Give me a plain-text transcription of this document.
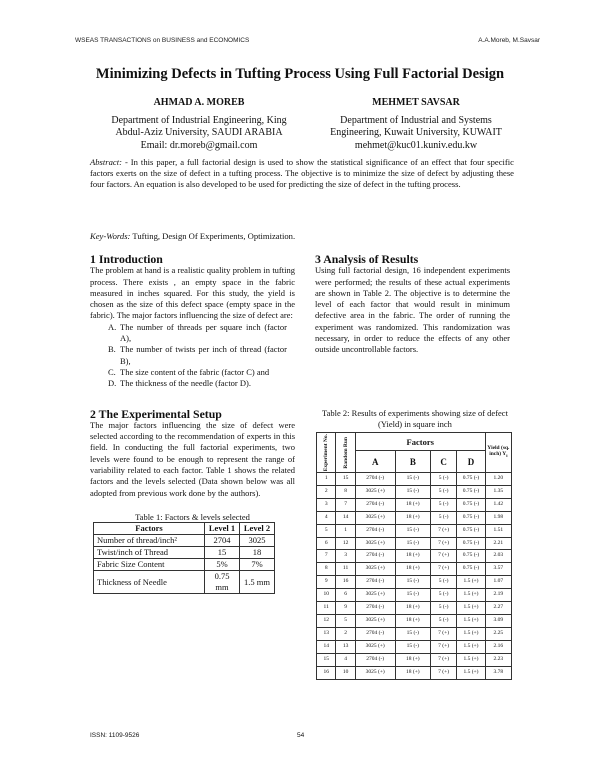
WSEAS TRANSACTIONS on BUSINESS and ECONOMICS	A.A.Moreb, M.Savsar
Minimizing Defects in Tufting Process Using Full Factorial Design
AHMAD A. MOREB
Department of Industrial Engineering, King
Abdul-Aziz University, SAUDI ARABIA
Email: dr.moreb@gmail.com
MEHMET SAVSAR
Department of Industrial and Systems
Engineering, Kuwait University, KUWAIT
mehmet@kuc01.kuniv.edu.kw
Abstract: - In this paper, a full factorial design is used to show the statistical significance of an effect that four specific factors exerts on the size of defect in a tufting process. The objective is to minimize the size of defect by adjusting these four factors. An equation is also developed to be used for predicting the size of defect in the tufting process.
Key-Words: Tufting, Design Of Experiments, Optimization.
1 Introduction

The problem at hand is a realistic quality problem in tufting process. There exists , an empty space in the fabric measured in inches squared. For this study, the yield is chosen as the size of this defect space (empty space in the fabric). The major factors influencing the size of defect are:

A. The number of threads per square inch (factor A),
B. The number of twists per inch of thread (factor B),
C. The size content of the fabric (factor C) and
D. The thickness of the needle (factor D).
2 The Experimental Setup

The major factors influencing the size of defect were selected according to the recommendation of experts in this field. In conducting the full factorial experiments, two levels were found to be enough to represent the range of variability related to each factor. Table 1 shows the related factors and the levels selected (Data shown below was all adopted from previous work done by the authors).

Table 1: Factors & levels selected
Factors	Level 1	Level 2
Number of thread/inch²	2704	3025
Twist/inch of Thread	15	18
Fabric Size Content	5%	7%
Thickness of Needle	0.75 mm	1.5 mm
3 Analysis of Results

Using full factorial design, 16 independent experiments were performed; the results of these actual experiments are shown in Table 2. The objective is to determine the level of each factor that would result in minimum defective area in the fabric. The order of running the experiment was randomized. This randomization was necessary, in order to reduce the effects of any other outside uncontrollable factors.

Table 2: Results of experiments showing size of defect (Yield) in square inch
Experiment No.	Random Run	Factors				Yield (sq. inch) $Y_i$
		A	B	C	D	
1	15	2704 (-)	15 (-)	5 (-)	0.75 (-)	1.20
2	8	3025 (+)	15 (-)	5 (-)	0.75 (-)	1.35
3	7	2704 (-)	18 (+)	5 (-)	0.75 (-)	1.42
4	14	3025 (+)	18 (+)	5 (-)	0.75 (-)	1.98
5	1	2704 (-)	15 (-)	7 (+)	0.75 (-)	1.51
6	12	3025 (+)	15 (-)	7 (+)	0.75 (-)	2.21
7	3	2704 (-)	18 (+)	7 (+)	0.75 (-)	2.03
8	11	3025 (+)	18 (+)	7 (+)	0.75 (-)	3.57
9	16	2704 (-)	15 (-)	5 (-)	1.5 (+)	1.07
10	6	3025 (+)	15 (-)	5 (-)	1.5 (+)	2.19
11	9	2704 (-)	18 (+)	5 (-)	1.5 (+)	2.27
12	5	3025 (+)	18 (+)	5 (-)	1.5 (+)	3.09
13	2	2704 (-)	15 (-)	7 (+)	1.5 (+)	2.25
14	13	3025 (+)	15 (-)	7 (+)	1.5 (+)	2.16
15	4	2704 (-)	18 (+)	7 (+)	1.5 (+)	2.23
16	10	3025 (+)	18 (+)	7 (+)	1.5 (+)	3.78
ISSN: 1109-9526	54
